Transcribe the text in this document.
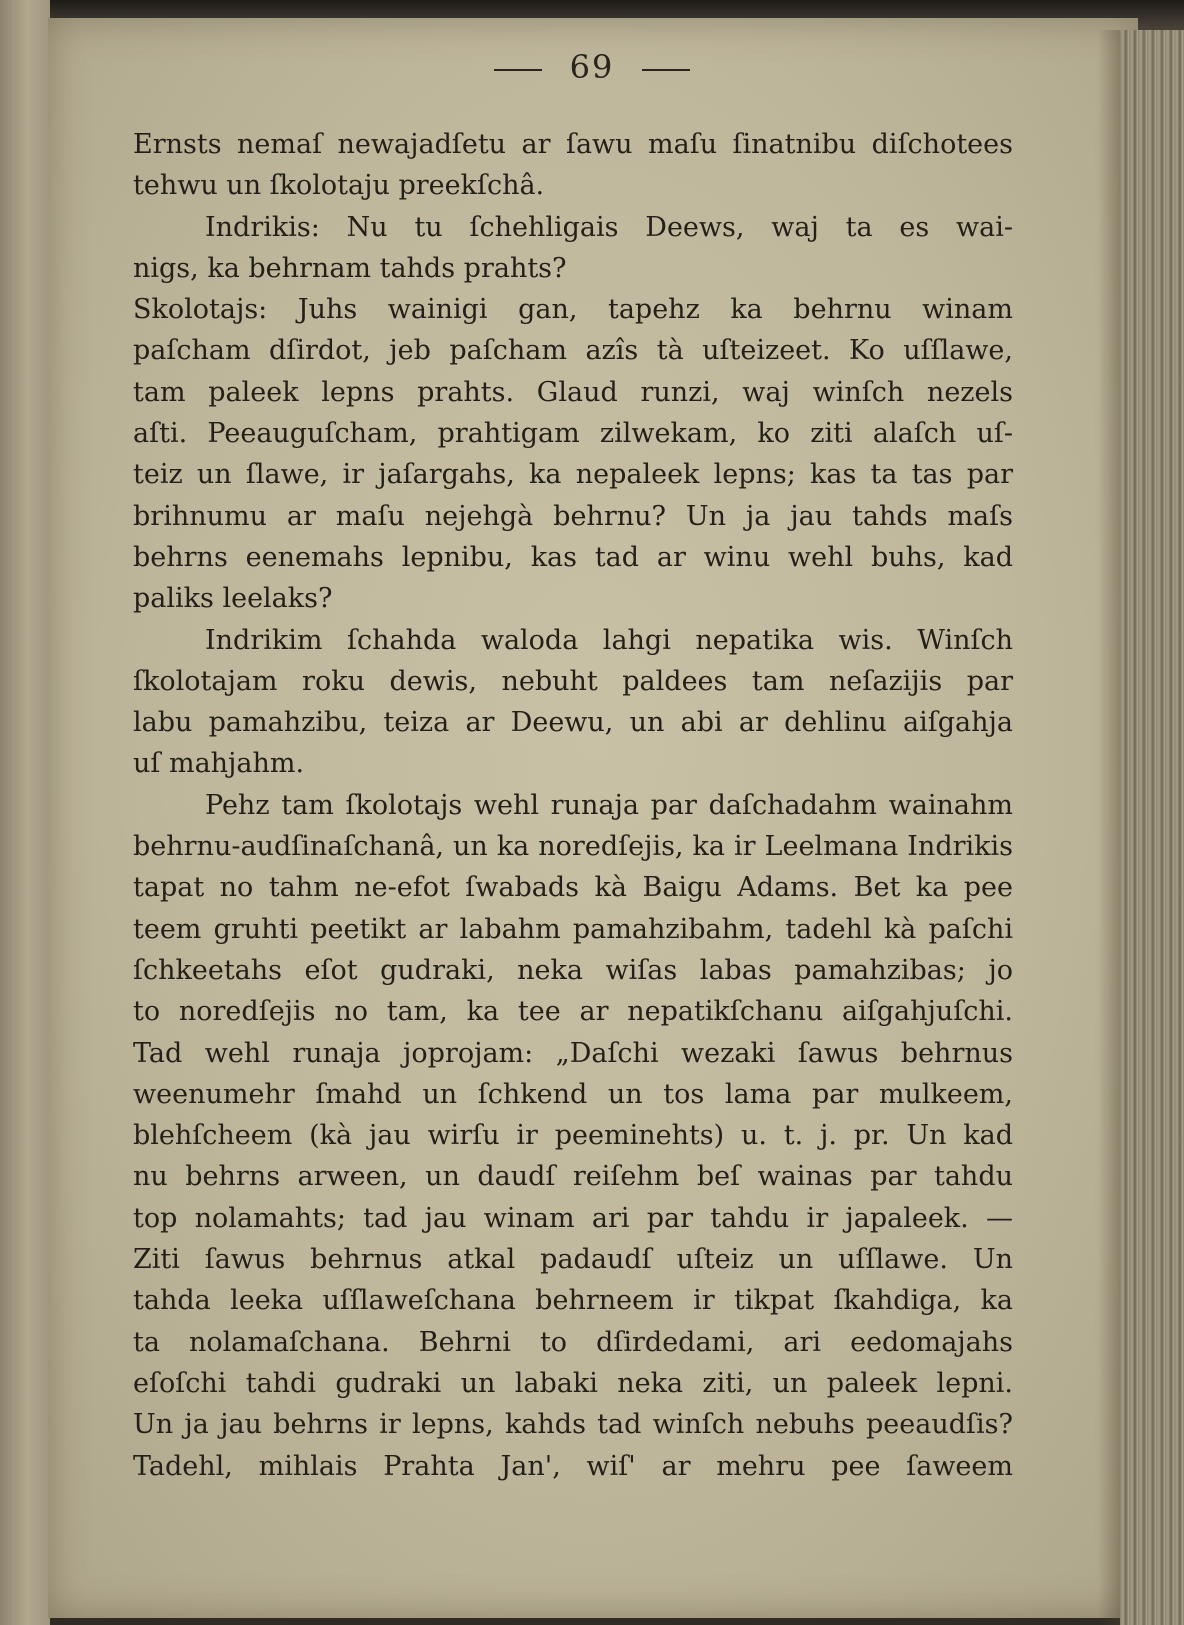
69
Ernsts nemaſ newajadſetu ar ſawu maſu ſinatnibu diſchotees
tehwu un ſkolotaju preekſchâ.
Indrikis: Nu tu ſchehligais Deews, waj ta es wai-
nigs, ka behrnam tahds prahts?
Skolotajs: Juhs wainigi gan, tapehz ka behrnu winam
paſcham dſirdot, jeb paſcham azîs tà uſteizeet. Ko uſſlawe,
tam paleek lepns prahts. Glaud runzi, waj winſch nezels
aſti. Peeauguſcham, prahtigam zilwekam, ko ziti alaſch uſ-
teiz un ſlawe, ir jaſargahs, ka nepaleek lepns; kas ta tas par
brihnumu ar maſu nejehgà behrnu? Un ja jau tahds maſs
behrns eenemahs lepnibu, kas tad ar winu wehl buhs, kad
paliks leelaks?
Indrikim ſchahda waloda lahgi nepatika wis. Winſch
ſkolotajam roku dewis, nebuht paldees tam neſazijis par
labu pamahzibu, teiza ar Deewu, un abi ar dehlinu aiſgahja
uſ mahjahm.
Pehz tam ſkolotajs wehl runaja par daſchadahm wainahm
behrnu-audſinaſchanâ, un ka noredſejis, ka ir Leelmana Indrikis
tapat no tahm ne-efot ſwabads kà Baigu Adams. Bet ka pee
teem gruhti peetikt ar labahm pamahzibahm, tadehl kà paſchi
ſchkeetahs eſot gudraki, neka wiſas labas pamahzibas; jo
to noredſejis no tam, ka tee ar nepatikſchanu aiſgahjuſchi.
Tad wehl runaja joprojam: „Daſchi wezaki ſawus behrnus
weenumehr ſmahd un ſchkend un tos lama par mulkeem,
blehſcheem (kà jau wirſu ir peeminehts) u. t. j. pr. Un kad
nu behrns arween, un daudſ reiſehm beſ wainas par tahdu
top nolamahts; tad jau winam ari par tahdu ir japaleek. —
Ziti ſawus behrnus atkal padaudſ uſteiz un uſſlawe. Un
tahda leeka uſſlaweſchana behrneem ir tikpat ſkahdiga, ka
ta nolamaſchana. Behrni to dſirdedami, ari eedomajahs
eſoſchi tahdi gudraki un labaki neka ziti, un paleek lepni.
Un ja jau behrns ir lepns, kahds tad winſch nebuhs peeaudſis?
Tadehl, mihlais Prahta Jan', wiſ' ar mehru pee ſaweem
